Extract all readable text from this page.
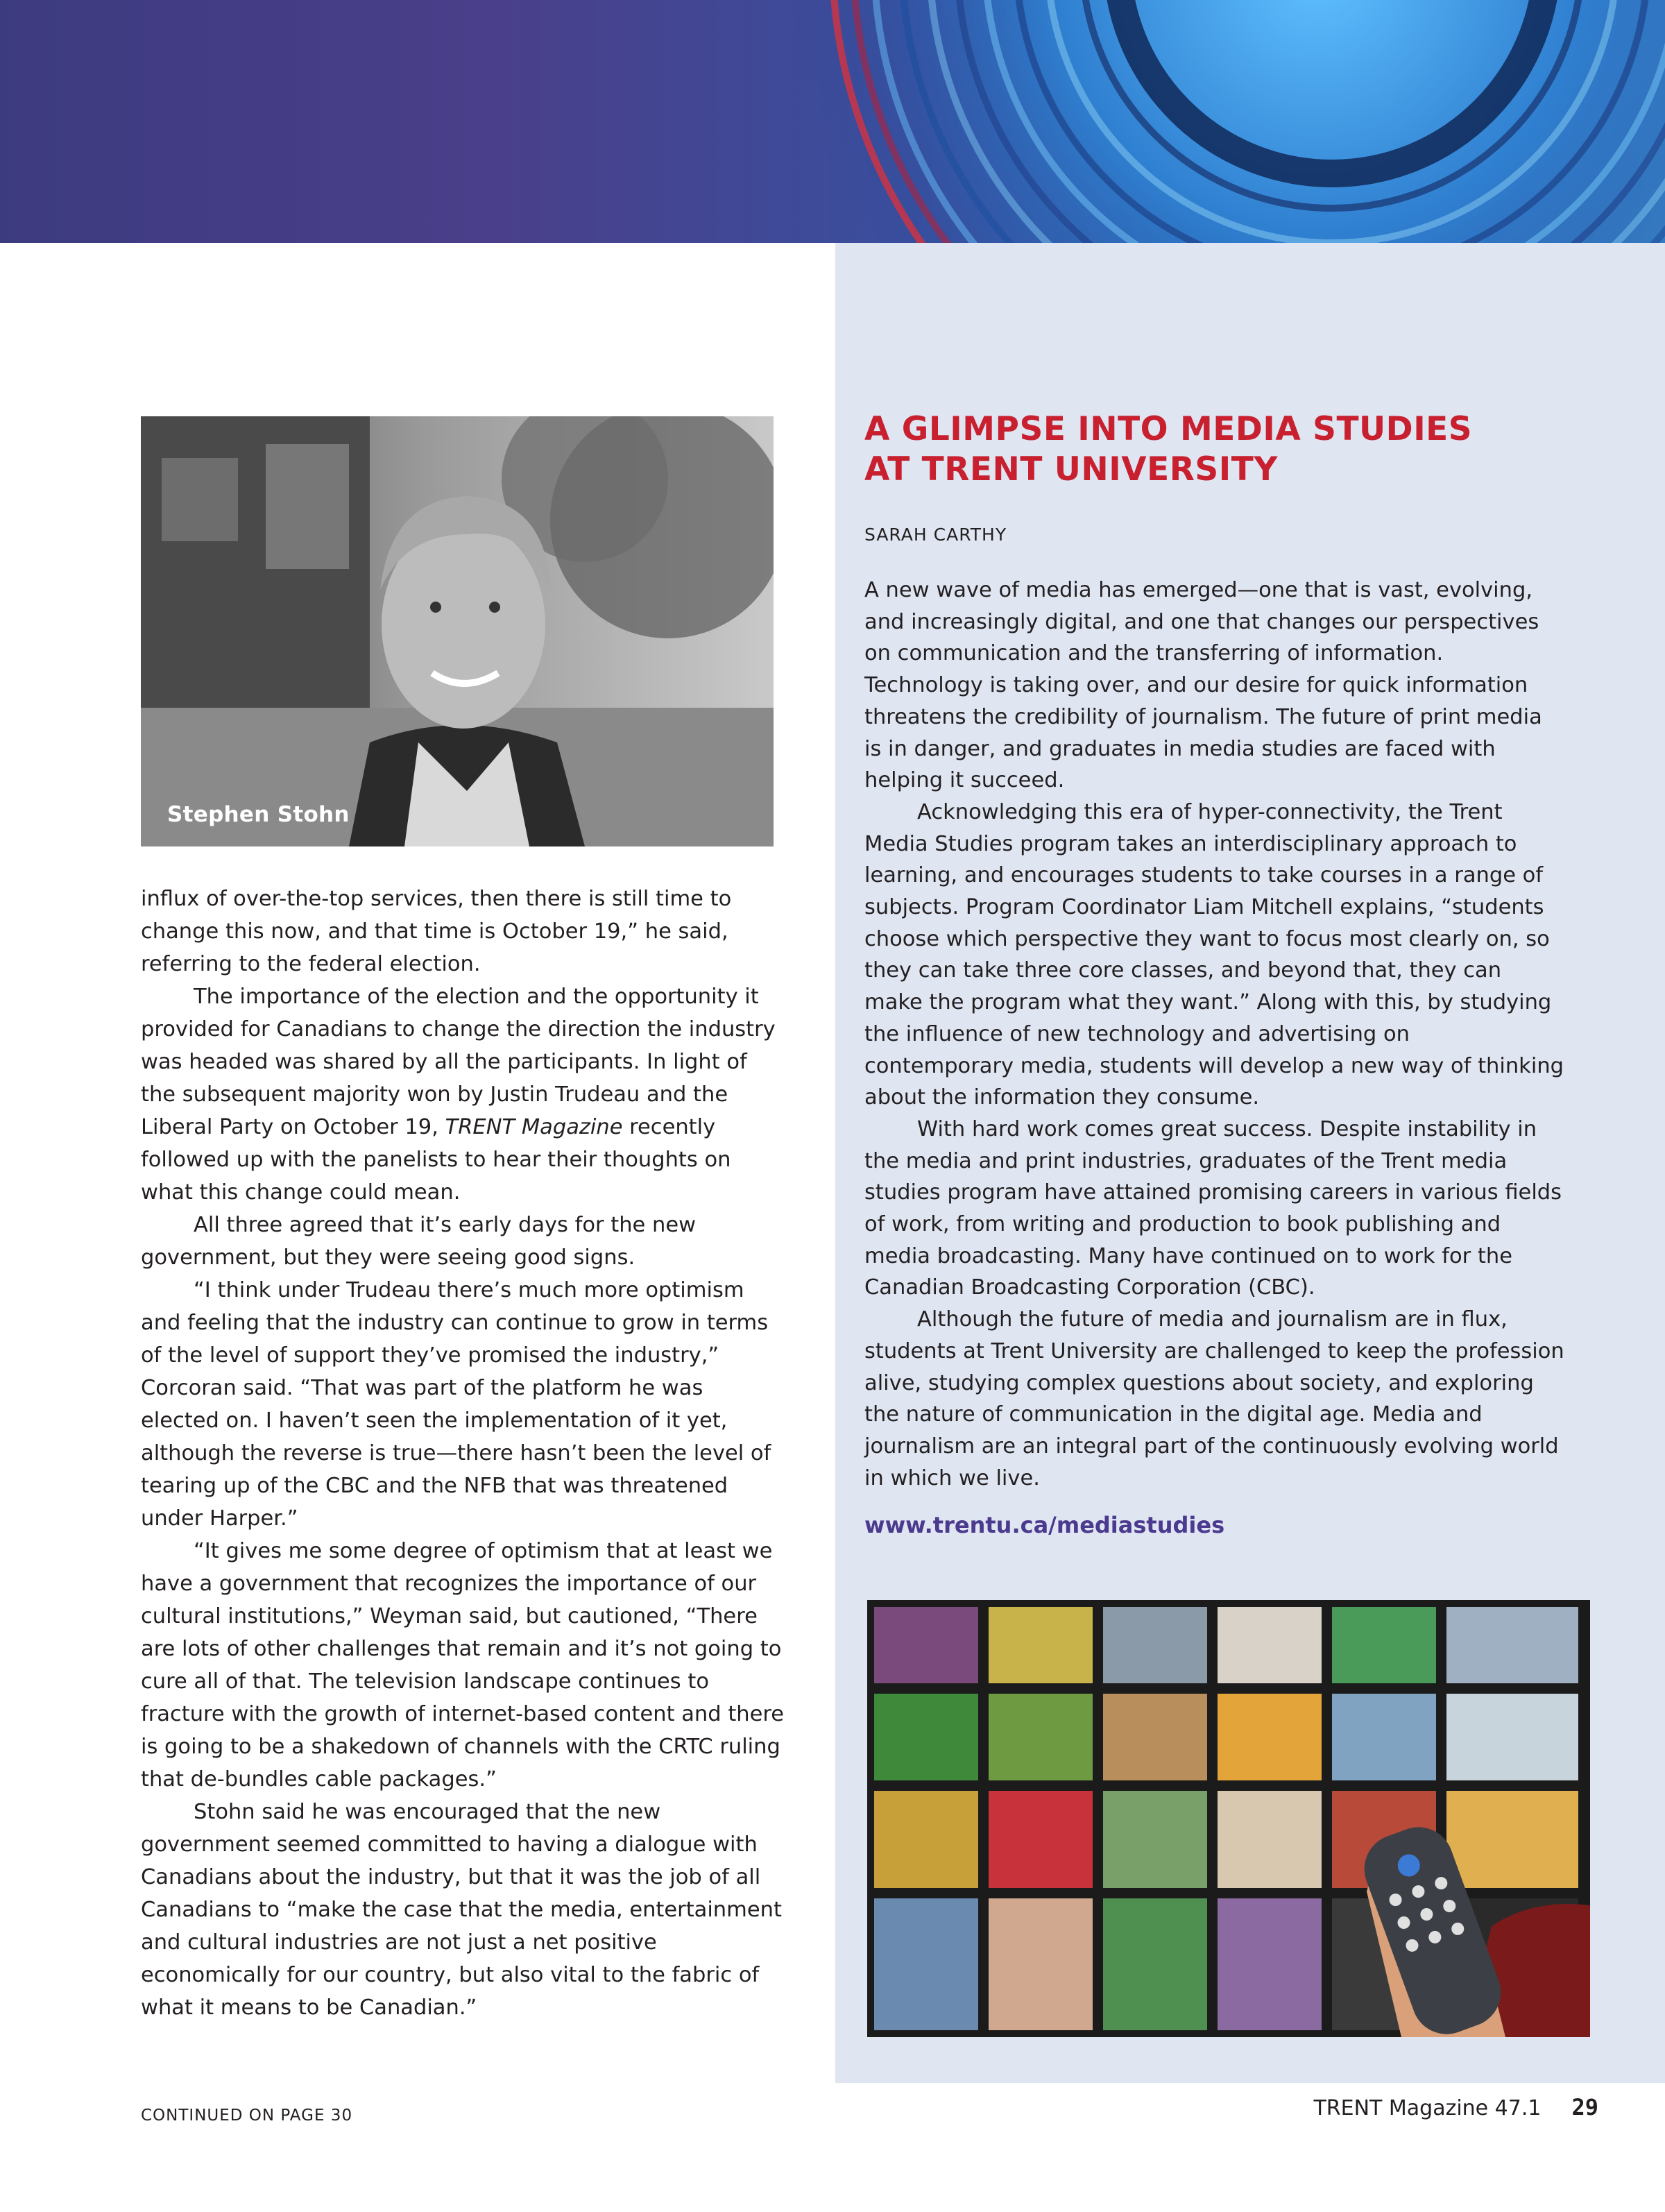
Stephen Stohn

influx of over-the-top services, then there is still time to change this now, and that time is October 19,” he said, referring to the federal election.

The importance of the election and the opportunity it provided for Canadians to change the direction the industry was headed was shared by all the participants. In light of the subsequent majority won by Justin Trudeau and the Liberal Party on October 19, TRENT Magazine recently followed up with the panelists to hear their thoughts on what this change could mean.

All three agreed that it’s early days for the new government, but they were seeing good signs.

“I think under Trudeau there’s much more optimism and feeling that the industry can continue to grow in terms of the level of support they’ve promised the industry,” Corcoran said. “That was part of the platform he was elected on. I haven’t seen the implementation of it yet, although the reverse is true—there hasn’t been the level of tearing up of the CBC and the NFB that was threatened under Harper.”

“It gives me some degree of optimism that at least we have a government that recognizes the importance of our cultural institutions,” Weyman said, but cautioned, “There are lots of other challenges that remain and it’s not going to cure all of that. The television landscape continues to fracture with the growth of internet-based content and there is going to be a shakedown of channels with the CRTC ruling that de-bundles cable packages.”

Stohn said he was encouraged that the new government seemed committed to having a dialogue with Canadians about the industry, but that it was the job of all Canadians to “make the case that the media, entertainment and cultural industries are not just a net positive economically for our country, but also vital to the fabric of what it means to be Canadian.”

A GLIMPSE INTO MEDIA STUDIES
AT TRENT UNIVERSITY
SARAH CARTHY

A new wave of media has emerged—one that is vast, evolving, and increasingly digital, and one that changes our perspectives on communication and the transferring of information. Technology is taking over, and our desire for quick information threatens the credibility of journalism. The future of print media is in danger, and graduates in media studies are faced with helping it succeed.

Acknowledging this era of hyper-connectivity, the Trent Media Studies program takes an interdisciplinary approach to learning, and encourages students to take courses in a range of subjects. Program Coordinator Liam Mitchell explains, “students choose which perspective they want to focus most clearly on, so they can take three core classes, and beyond that, they can make the program what they want.” Along with this, by studying the influence of new technology and advertising on contemporary media, students will develop a new way of thinking about the information they consume.

With hard work comes great success. Despite instability in the media and print industries, graduates of the Trent media studies program have attained promising careers in various fields of work, from writing and production to book publishing and media broadcasting. Many have continued on to work for the Canadian Broadcasting Corporation (CBC).

Although the future of media and journalism are in flux, students at Trent University are challenged to keep the profession alive, studying complex questions about society, and exploring the nature of communication in the digital age. Media and journalism are an integral part of the continuously evolving world in which we live.

www.trentu.ca/mediastudies
CONTINUED ON PAGE 30	TRENT Magazine 47.1 29
